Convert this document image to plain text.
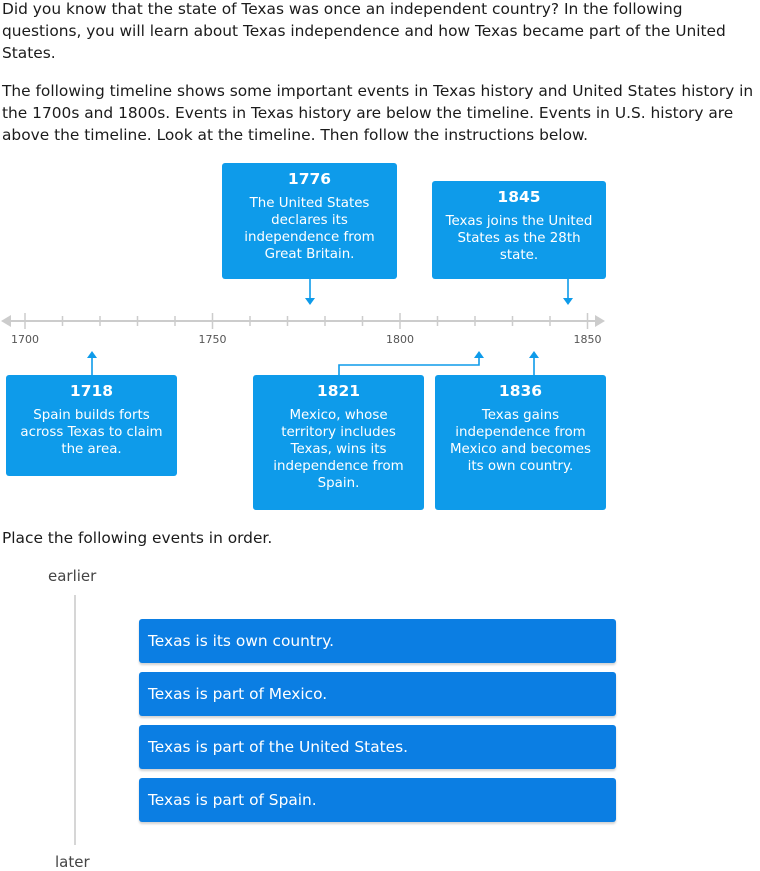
Did you know that the state of Texas was once an independent country? In the following questions, you will learn about Texas independence and how Texas became part of the United States.

The following timeline shows some important events in Texas history and United States history in the 1700s and 1800s. Events in Texas history are below the timeline. Events in U.S. history are above the timeline. Look at the timeline. Then follow the instructions below.

1700	1750	1800	1850
1776
The United States declares its independence from Great Britain.
1845
Texas joins the United States as the 28th state.
1718
Spain builds forts across Texas to claim the area.
1821
Mexico, whose territory includes Texas, wins its independence from Spain.
1836
Texas gains independence from Mexico and becomes its own country.
Place the following events in order.
earlier
later
Texas is its own country.
Texas is part of Mexico.
Texas is part of the United States.
Texas is part of Spain.
